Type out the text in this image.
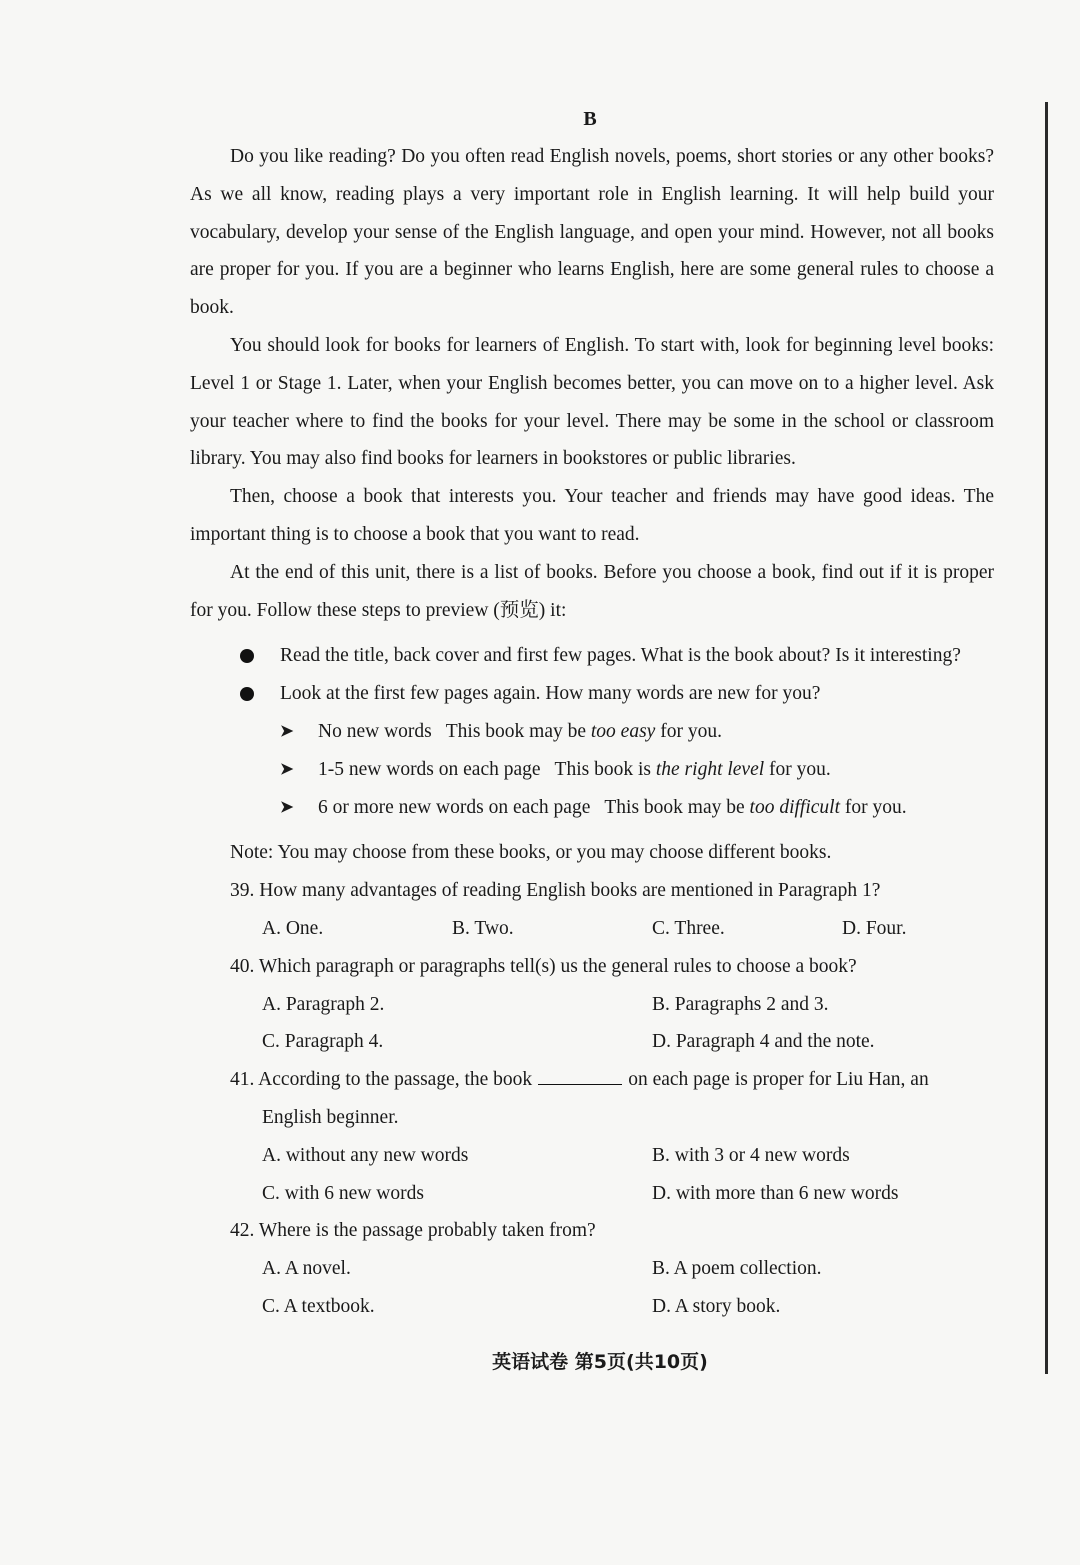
B

Do you like reading? Do you often read English novels, poems, short stories or any other books? As we all know, reading plays a very important role in English learning. It will help build your vocabulary, develop your sense of the English language, and open your mind. However, not all books are proper for you. If you are a beginner who learns English, here are some general rules to choose a book.

You should look for books for learners of English. To start with, look for beginning level books: Level 1 or Stage 1. Later, when your English becomes better, you can move on to a higher level. Ask your teacher where to find the books for your level. There may be some in the school or classroom library. You may also find books for learners in bookstores or public libraries.

Then, choose a book that interests you. Your teacher and friends may have good ideas. The important thing is to choose a book that you want to read.

At the end of this unit, there is a list of books. Before you choose a book, find out if it is proper for you. Follow these steps to preview (预览) it:

Read the title, back cover and first few pages. What is the book about? Is it interesting?
Look at the first few pages again. How many words are new for you?
➤ No new words This book may be too easy for you.
➤ 1-5 new words on each page This book is the right level for you.
➤ 6 or more new words on each page This book may be too difficult for you.

Note: You may choose from these books, or you may choose different books.

39. How many advantages of reading English books are mentioned in Paragraph 1?

A. One.	B. Two.	C. Three.	D. Four.

40. Which paragraph or paragraphs tell(s) us the general rules to choose a book?

A. Paragraph 2.	B. Paragraphs 2 and 3.
C. Paragraph 4.	D. Paragraph 4 and the note.

41. According to the passage, the book	on each page is proper for Liu Han, an

English beginner.

A. without any new words	B. with 3 or 4 new words
C. with 6 new words	D. with more than 6 new words

42. Where is the passage probably taken from?

A. A novel.	B. A poem collection.
C. A textbook.	D. A story book.
英语试卷 第5页(共10页)
